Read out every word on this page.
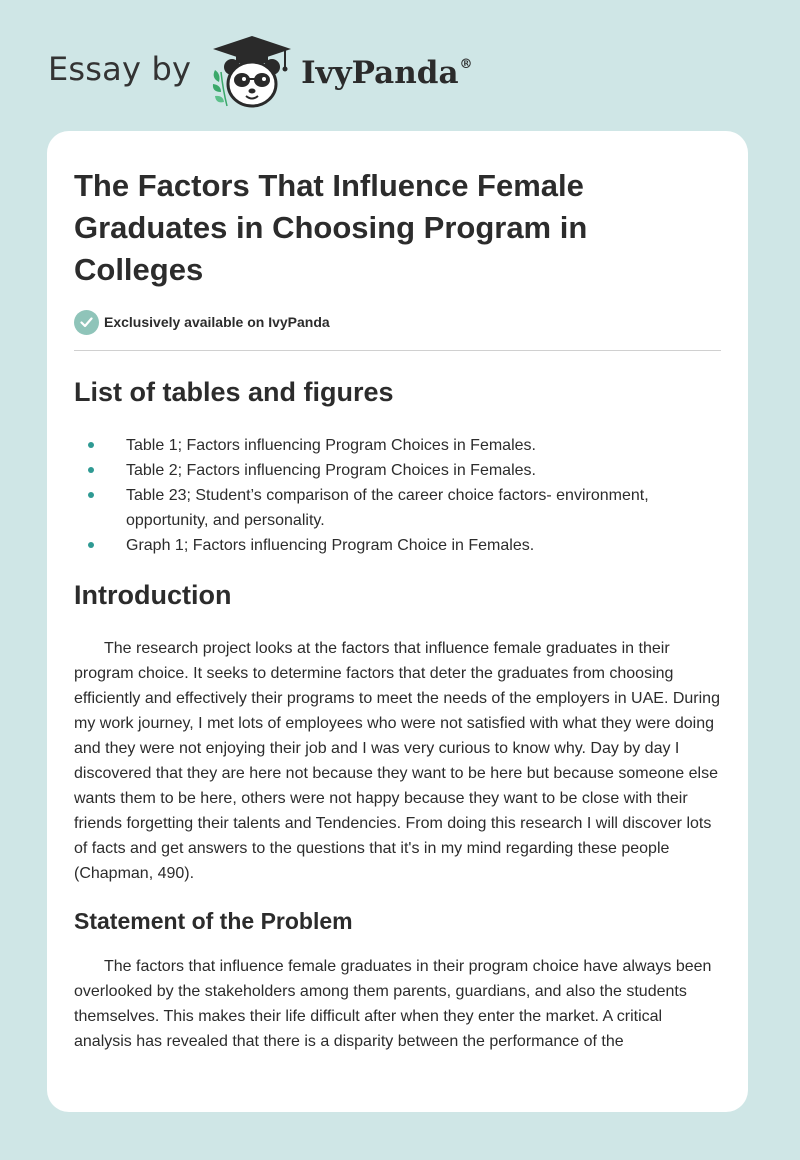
Essay by	IvyPanda®
The Factors That Influence Female Graduates in Choosing Program in Colleges
Exclusively available on IvyPanda
List of tables and figures
Table 1; Factors influencing Program Choices in Females.
Table 2; Factors influencing Program Choices in Females.
Table 23; Student’s comparison of the career choice factors- environment, opportunity, and personality.
Graph 1; Factors influencing Program Choice in Females.
Introduction

The research project looks at the factors that influence female graduates in their program choice. It seeks to determine factors that deter the graduates from choosing efficiently and effectively their programs to meet the needs of the employers in UAE. During my work journey, I met lots of employees who were not satisfied with what they were doing and they were not enjoying their job and I was very curious to know why. Day by day I discovered that they are here not because they want to be here but because someone else wants them to be here, others were not happy because they want to be close with their friends forgetting their talents and Tendencies. From doing this research I will discover lots of facts and get answers to the questions that it's in my mind regarding these people (Chapman, 490).

Statement of the Problem

The factors that influence female graduates in their program choice have always been overlooked by the stakeholders among them parents, guardians, and also the students themselves. This makes their life difficult after when they enter the market. A critical analysis has revealed that there is a disparity between the performance of the
